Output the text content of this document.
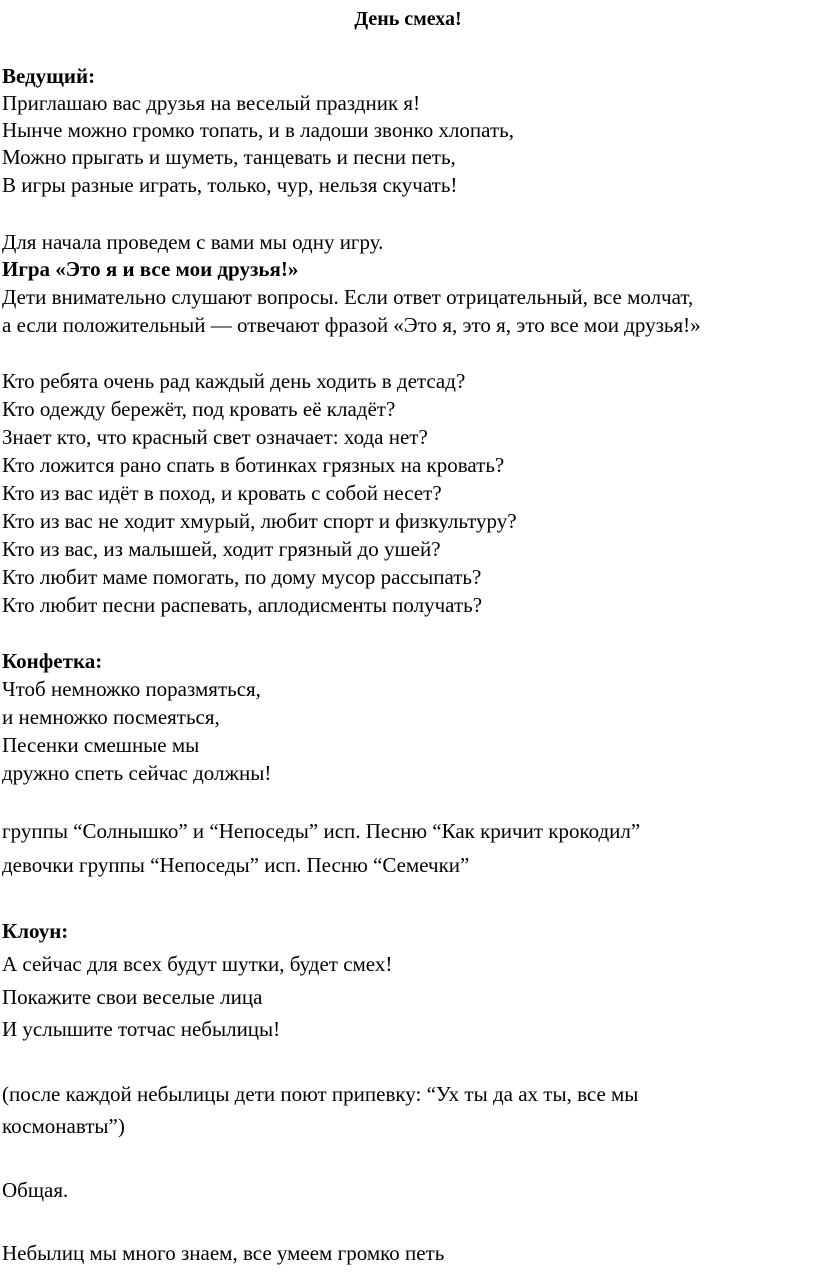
День смеха!
Ведущий:
Приглашаю вас друзья на веселый праздник я!
Нынче можно громко топать, и в ладоши звонко хлопать,
Можно прыгать и шуметь, танцевать и песни петь,
В игры разные играть, только, чур, нельзя скучать!
Для начала проведем с вами мы одну игру.
Игра «Это я и все мои друзья!»
Дети внимательно слушают вопросы. Если ответ отрицательный, все молчат,
а если положительный — отвечают фразой «Это я, это я, это все мои друзья!»
Кто ребята очень рад каждый день ходить в детсад?
Кто одежду бережёт, под кровать её кладёт?
Знает кто, что красный свет означает: хода нет?
Кто ложится рано спать в ботинках грязных на кровать?
Кто из вас идёт в поход, и кровать с собой несет?
Кто из вас не ходит хмурый, любит спорт и физкультуру?
Кто из вас, из малышей, ходит грязный до ушей?
Кто любит маме помогать, по дому мусор рассыпать?
Кто любит песни распевать, аплодисменты получать?
Конфетка:
Чтоб немножко поразмяться,
и немножко посмеяться,
Песенки смешные мы
дружно спеть сейчас должны!
группы “Солнышко” и “Непоседы” исп. Песню “Как кричит крокодил”
девочки группы “Непоседы” исп. Песню “Семечки”
Клоун:
А сейчас для всех будут шутки, будет смех!
Покажите свои веселые лица
И услышите тотчас небылицы!
(после каждой небылицы дети поют припевку: “Ух ты да ах ты, все мы
космонавты”)
Общая.
Небылиц мы много знаем, все умеем громко петь
